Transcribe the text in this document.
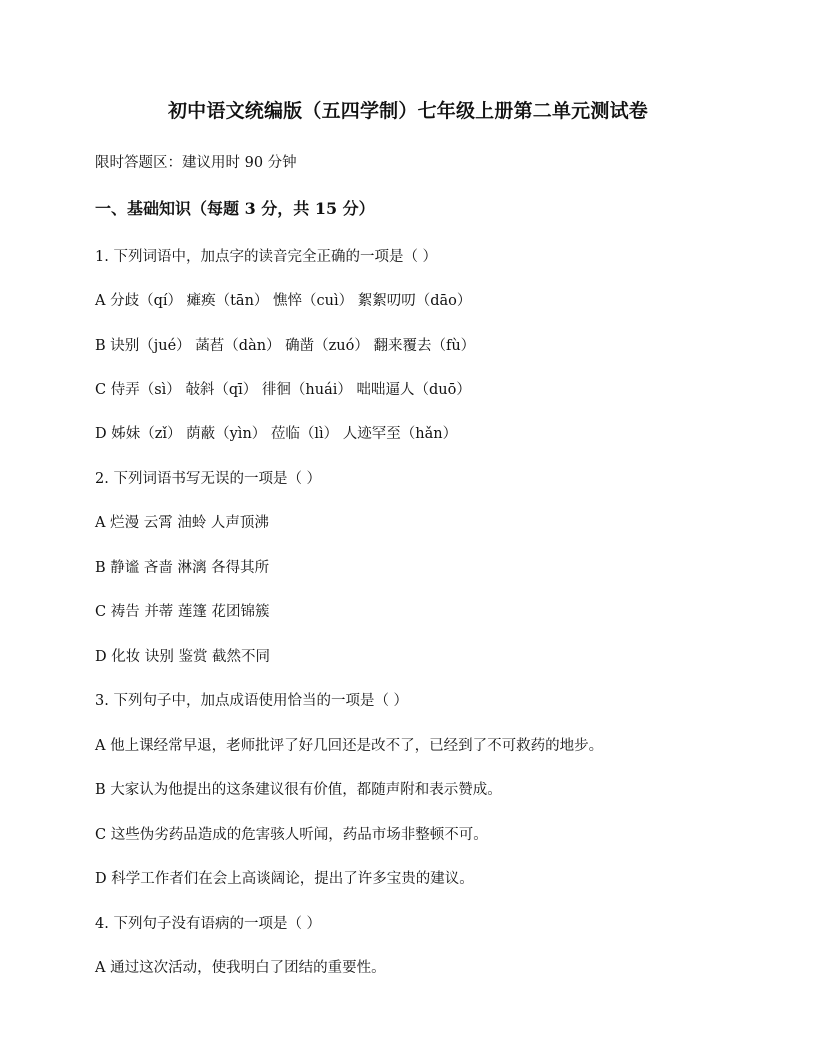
初中语文统编版（五四学制）七年级上册第二单元测试卷
限时答题区：建议用时 90 分钟
一、基础知识（每题 3 分，共 15 分）
1. 下列词语中，加点字的读音完全正确的一项是（ ）
A 分歧（qí） 瘫痪（tān） 憔悴（cuì） 絮絮叨叨（dāo）
B 诀别（jué） 菡萏（dàn） 确凿（zuó） 翻来覆去（fù）
C 侍弄（sì） 敧斜（qī） 徘徊（huái） 咄咄逼人（duō）
D 姊妹（zǐ） 荫蔽（yìn） 莅临（lì） 人迹罕至（hǎn）
2. 下列词语书写无误的一项是（ ）
A 烂漫 云霄 油蛉 人声顶沸
B 静谧 吝啬 淋漓 各得其所
C 祷告 并蒂 莲篷 花团锦簇
D 化妆 诀别 鉴赏 截然不同
3. 下列句子中，加点成语使用恰当的一项是（ ）
A 他上课经常早退，老师批评了好几回还是改不了，已经到了不可救药的地步。
B 大家认为他提出的这条建议很有价值，都随声附和表示赞成。
C 这些伪劣药品造成的危害骇人听闻，药品市场非整顿不可。
D 科学工作者们在会上高谈阔论，提出了许多宝贵的建议。
4. 下列句子没有语病的一项是（ ）
A 通过这次活动，使我明白了团结的重要性。
